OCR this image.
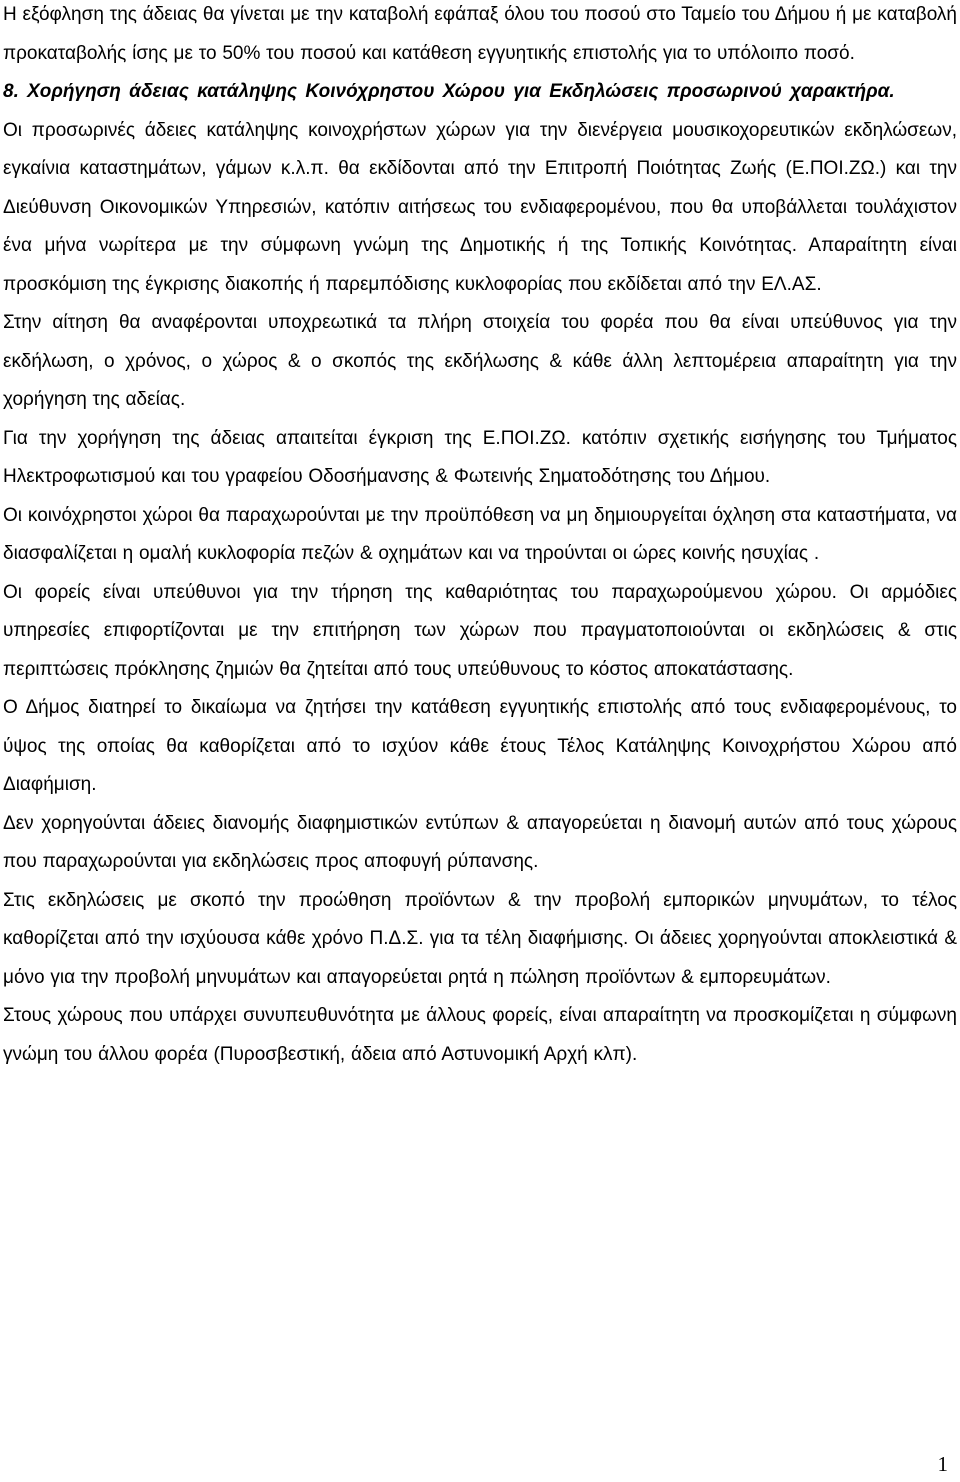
Η εξόφληση της άδειας θα γίνεται με την καταβολή εφάπαξ όλου του ποσού στο Ταμείο του Δήμου ή με καταβολή προκαταβολής ίσης με το 50% του ποσού και κατάθεση εγγυητικής επιστολής για το υπόλοιπο ποσό.

8. Χορήγηση άδειας κατάληψης Κοινόχρηστου Χώρου για Εκδηλώσεις προσωρινού χαρακτήρα.

Οι προσωρινές άδειες κατάληψης κοινοχρήστων χώρων για την διενέργεια μουσικοχορευτικών εκδηλώσεων, εγκαίνια καταστημάτων, γάμων κ.λ.π. θα εκδίδονται από την Επιτροπή Ποιότητας Ζωής (Ε.ΠΟΙ.ΖΩ.) και την Διεύθυνση Οικονομικών Υπηρεσιών, κατόπιν αιτήσεως του ενδιαφερομένου, που θα υποβάλλεται τουλάχιστον ένα μήνα νωρίτερα με την σύμφωνη γνώμη της Δημοτικής ή της Τοπικής Κοινότητας. Απαραίτητη είναι προσκόμιση της έγκρισης διακοπής ή παρεμπόδισης κυκλοφορίας που εκδίδεται από την ΕΛ.ΑΣ.

Στην αίτηση θα αναφέρονται υποχρεωτικά τα πλήρη στοιχεία του φορέα που θα είναι υπεύθυνος για την εκδήλωση, ο χρόνος, ο χώρος & ο σκοπός της εκδήλωσης & κάθε άλλη λεπτομέρεια απαραίτητη για την χορήγηση της αδείας.

Για την χορήγηση της άδειας απαιτείται έγκριση της Ε.ΠΟΙ.ΖΩ. κατόπιν σχετικής εισήγησης του Τμήματος Ηλεκτροφωτισμού και του γραφείου Οδοσήμανσης & Φωτεινής Σηματοδότησης του Δήμου.

Οι κοινόχρηστοι χώροι θα παραχωρούνται με την προϋπόθεση να μη δημιουργείται όχληση στα καταστήματα, να διασφαλίζεται η ομαλή κυκλοφορία πεζών & οχημάτων και να τηρούνται οι ώρες κοινής ησυχίας .

Οι φορείς είναι υπεύθυνοι για την τήρηση της καθαριότητας του παραχωρούμενου χώρου. Οι αρμόδιες υπηρεσίες επιφορτίζονται με την επιτήρηση των χώρων που πραγματοποιούνται οι εκδηλώσεις & στις περιπτώσεις πρόκλησης ζημιών θα ζητείται από τους υπεύθυνους το κόστος αποκατάστασης.

Ο Δήμος διατηρεί το δικαίωμα να ζητήσει την κατάθεση εγγυητικής επιστολής από τους ενδιαφερομένους, το ύψος της οποίας θα καθορίζεται από το ισχύον κάθε έτους Τέλος Κατάληψης Κοινοχρήστου Χώρου από Διαφήμιση.

Δεν χορηγούνται άδειες διανομής διαφημιστικών εντύπων & απαγορεύεται η διανομή αυτών από τους χώρους που παραχωρούνται για εκδηλώσεις προς αποφυγή ρύπανσης.

Στις εκδηλώσεις με σκοπό την προώθηση προϊόντων & την προβολή εμπορικών μηνυμάτων, το τέλος καθορίζεται από την ισχύουσα κάθε χρόνο Π.Δ.Σ. για τα τέλη διαφήμισης. Οι άδειες χορηγούνται αποκλειστικά & μόνο για την προβολή μηνυμάτων και απαγορεύεται ρητά η πώληση προϊόντων & εμπορευμάτων.

Στους χώρους που υπάρχει συνυπευθυνότητα με άλλους φορείς, είναι απαραίτητη να προσκομίζεται η σύμφωνη γνώμη του άλλου φορέα (Πυροσβεστική, άδεια από Αστυνομική Αρχή κλπ).

1
